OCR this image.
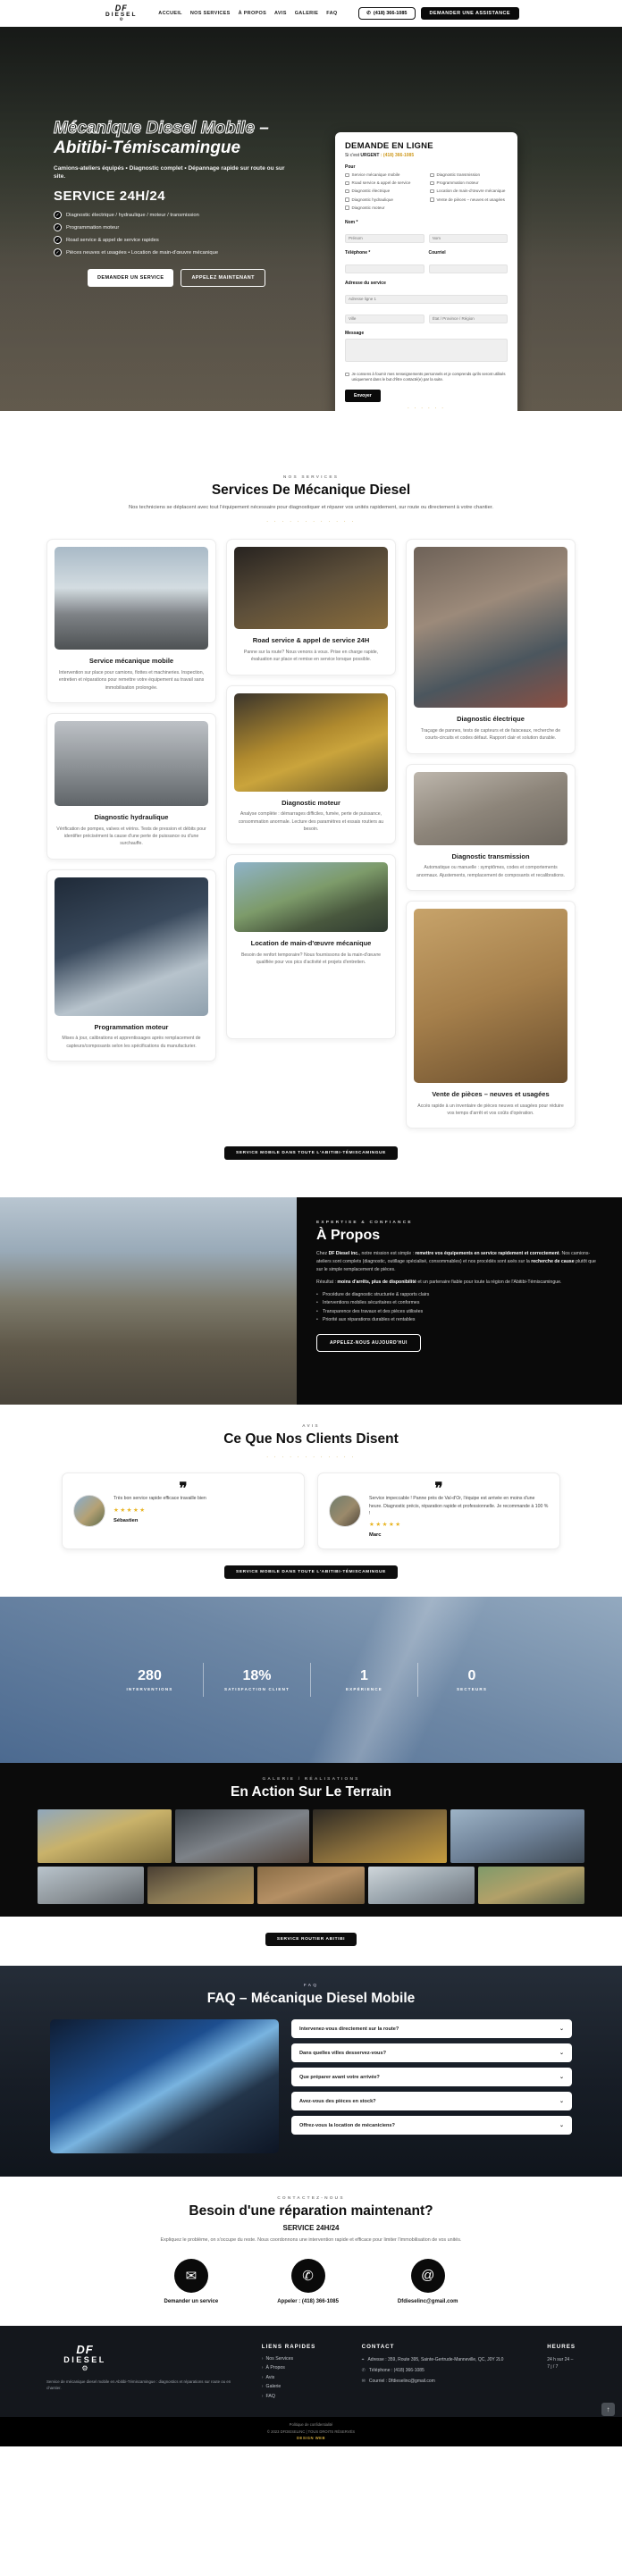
DF
DIESEL
⚙
ACCUEIL NOS SERVICES À PROPOS AVIS GALERIE FAQ	✆ (418) 366-1085	DEMANDER UNE ASSISTANCE
Mécanique Diesel Mobile – Abitibi-Témiscamingue
Camions-ateliers équipés • Diagnostic complet • Dépannage rapide sur route ou sur site.
SERVICE 24H/24
✓	Diagnostic électrique / hydraulique / moteur / transmission
✓	Programmation moteur
✓	Road service & appel de service rapides
✓	Pièces neuves et usagées • Location de main-d'œuvre mécanique
DEMANDER UN SERVICE	APPELEZ MAINTENANT
DEMANDE EN LIGNE
Si c'est URGENT : (418) 366-1085
Pour
Service mécanique mobile
Road service & appel de service
Diagnostic électrique
Diagnostic hydraulique
Diagnostic moteur
Diagnostic transmission
Programmation moteur
Location de main-d'œuvre mécanique
Vente de pièces – neuves et usagées
Nom *
Prénom
Nom
Téléphone *	Courriel
Adresse du service
Adresse ligne 1
Ville
État / Province / Région
Message

Je consens à fournir mes renseignements personnels et je comprends qu'ils seront utilisés uniquement dans le but d'être contacté(e) par la suite.

Envoyer
· · · · · ·
NOS SERVICES
Services De Mécanique Diesel
Nos techniciens se déplacent avec tout l'équipement nécessaire pour diagnostiquer et réparer vos unités rapidement, sur route ou directement à votre chantier.
· · · · · · · · · · · ·
Service mécanique mobile
Intervention sur place pour camions, flottes et machineries. Inspection, entretien et réparations pour remettre votre équipement au travail sans immobilisation prolongée.
Diagnostic hydraulique
Vérification de pompes, valves et vérins. Tests de pression et débits pour identifier précisément la cause d'une perte de puissance ou d'une surchauffe.
Programmation moteur
Mises à jour, calibrations et apprentissages après remplacement de capteurs/composants selon les spécifications du manufacturier.
Road service & appel de service 24H
Panne sur la route? Nous venons à vous. Prise en charge rapide, évaluation sur place et remise en service lorsque possible.
Diagnostic moteur
Analyse complète : démarrages difficiles, fumée, perte de puissance, consommation anormale. Lecture des paramètres et essais routiers au besoin.
Location de main-d'œuvre mécanique
Besoin de renfort temporaire? Nous fournissons de la main-d'œuvre qualifiée pour vos pics d'activité et projets d'entretien.
Diagnostic électrique
Traçage de pannes, tests de capteurs et de faisceaux, recherche de courts-circuits et codes défaut. Rapport clair et solution durable.
Diagnostic transmission
Automatique ou manuelle : symptômes, codes et comportements anormaux. Ajustements, remplacement de composants et recalibrations.
Vente de pièces – neuves et usagées
Accès rapide à un inventaire de pièces neuves et usagées pour réduire vos temps d'arrêt et vos coûts d'opération.
SERVICE MOBILE DANS TOUTE L'ABITIBI-TÉMISCAMINGUE
EXPERTISE & CONFIANCE
À Propos

Chez DF Diesel inc., notre mission est simple : remettre vos équipements en service rapidement et correctement. Nos camions-ateliers sont complets (diagnostic, outillage spécialisé, consommables) et nos procédés sont axés sur la recherche de cause plutôt que sur le simple remplacement de pièces.

Résultat : moins d'arrêts, plus de disponibilité et un partenaire fiable pour toute la région de l'Abitibi-Témiscamingue.

• Procédure de diagnostic structurée & rapports clairs
• Interventions mobiles sécuritaires et conformes
• Transparence des travaux et des pièces utilisées
• Priorité aux réparations durables et rentables
APPELEZ-NOUS AUJOURD'HUI
AVIS
Ce Que Nos Clients Disent
· · · · · · · · · · · ·
❞
Très bon service rapide efficace travaille bien
★★★★★
Sébastien
❞
Service impeccable ! Panne près de Val-d'Or, l'équipe est arrivée en moins d'une heure. Diagnostic précis, réparation rapide et professionnelle. Je recommande à 100 % !
★★★★★
Marc
SERVICE MOBILE DANS TOUTE L'ABITIBI-TÉMISCAMINGUE
280
INTERVENTIONS
18%
SATISFACTION CLIENT
1
EXPÉRIENCE
0
SECTEURS
GALERIE / RÉALISATIONS
En Action Sur Le Terrain
SERVICE ROUTIER ABITIBI
FAQ
FAQ – Mécanique Diesel Mobile
Intervenez-vous directement sur la route?	⌄
Dans quelles villes desservez-vous?	⌄
Que préparer avant votre arrivée?	⌄
Avez-vous des pièces en stock?	⌄
Offrez-vous la location de mécaniciens?	⌄
CONTACTEZ-NOUS
Besoin d'une réparation maintenant?
SERVICE 24H/24
Expliquez le problème, on s'occupe du reste. Nous coordonnons une intervention rapide et efficace pour limiter l'immobilisation de vos unités.
✉
Demander un service
✆
Appeler : (418) 366-1085
@
Dfdieselinc@gmail.com
DF
DIESEL
⚙
Service de mécanique diesel mobile en Abitibi-Témiscamingue : diagnostics et réparations sur route ou en chantier.
LIENS RAPIDES
› Nos Services
› À Propos
› Avis
› Galerie
› FAQ
CONTACT
⌖ Adresse : 359, Route 395, Sainte-Gertrude-Manneville, QC, J0Y 2L0
✆ Téléphone : (418) 366-1085
✉ Courriel : Dfdieselinc@gmail.com
HEURES
24 h sur 24 – 7 j / 7
Politique de confidentialité
© 2023 DFDIESELINC | TOUS DROITS RÉSERVÉS
DESIGN WEB
↑
